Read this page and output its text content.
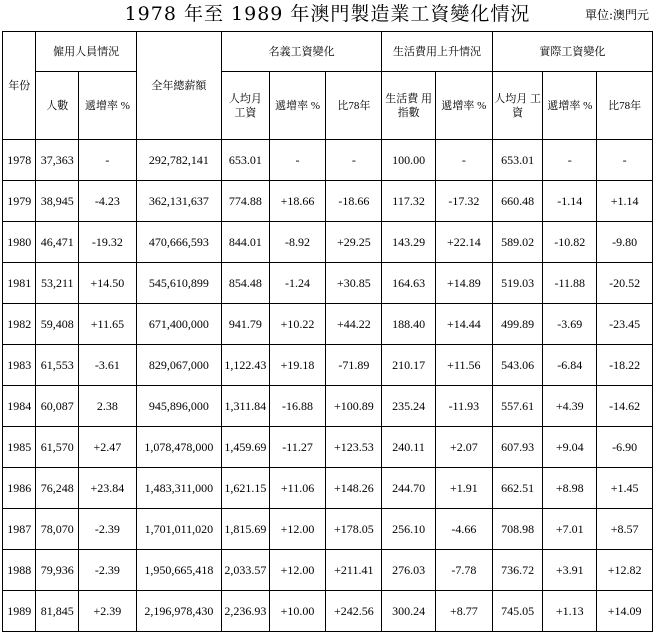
1978 年至 1989 年澳門製造業工資變化情況	單位:澳門元
年份	僱用人員情況		全年總薪額	名義工資變化			生活費用上升情況		實際工資變化		
	人數	遞增率 %		人均月 工資	遞增率 %	比78年	生活費 用指數	遞增率 %	人均月 工資	遞增率 %	比78年
1978	37,363	-	292,782,141	653.01	-	-	100.00	-	653.01	-	-
1979	38,945	-4.23	362,131,637	774.88	+18.66	-18.66	117.32	-17.32	660.48	-1.14	+1.14
1980	46,471	-19.32	470,666,593	844.01	-8.92	+29.25	143.29	+22.14	589.02	-10.82	-9.80
1981	53,211	+14.50	545,610,899	854.48	-1.24	+30.85	164.63	+14.89	519.03	-11.88	-20.52
1982	59,408	+11.65	671,400,000	941.79	+10.22	+44.22	188.40	+14.44	499.89	-3.69	-23.45
1983	61,553	-3.61	829,067,000	1,122.43	+19.18	-71.89	210.17	+11.56	543.06	-6.84	-18.22
1984	60,087	2.38	945,896,000	1,311.84	-16.88	+100.89	235.24	-11.93	557.61	+4.39	-14.62
1985	61,570	+2.47	1,078,478,000	1,459.69	-11.27	+123.53	240.11	+2.07	607.93	+9.04	-6.90
1986	76,248	+23.84	1,483,311,000	1,621.15	+11.06	+148.26	244.70	+1.91	662.51	+8.98	+1.45
1987	78,070	-2.39	1,701,011,020	1,815.69	+12.00	+178.05	256.10	-4.66	708.98	+7.01	+8.57
1988	79,936	-2.39	1,950,665,418	2,033.57	+12.00	+211.41	276.03	-7.78	736.72	+3.91	+12.82
1989	81,845	+2.39	2,196,978,430	2,236.93	+10.00	+242.56	300.24	+8.77	745.05	+1.13	+14.09
